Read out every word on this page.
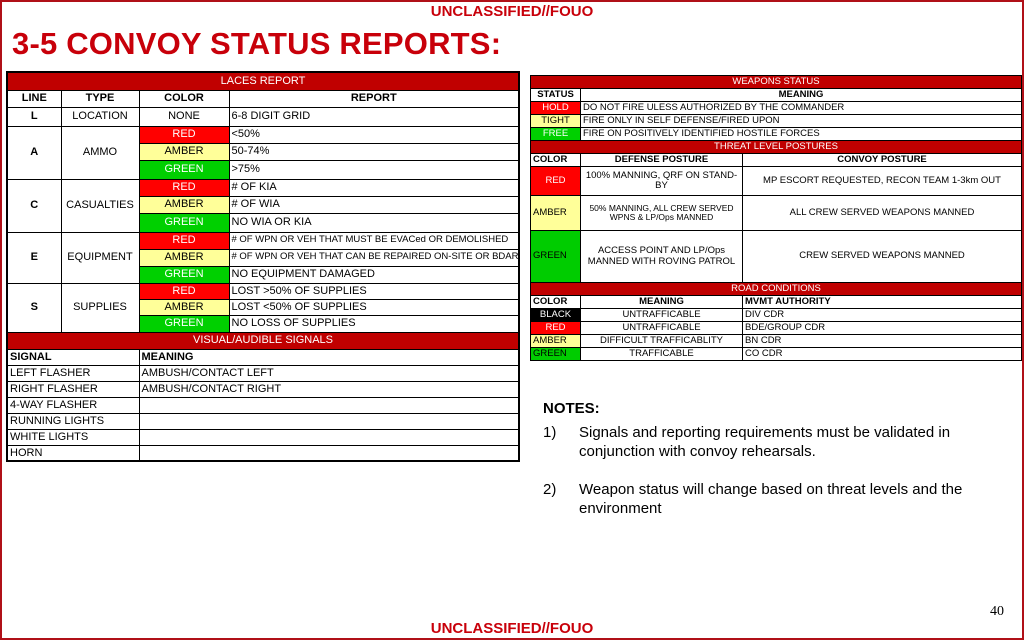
UNCLASSIFIED//FOUO
3-5 CONVOY STATUS REPORTS:
LACES REPORT			
LINE	TYPE	COLOR	REPORT
L	LOCATION	NONE	6-8 DIGIT GRID
A	AMMO	RED	<50%
		AMBER	50-74%
		GREEN	>75%
C	CASUALTIES	RED	# OF KIA
		AMBER	# OF WIA
		GREEN	NO WIA OR KIA
E	EQUIPMENT	RED	# OF WPN OR VEH THAT MUST BE EVACed OR DEMOLISHED
		AMBER	# OF WPN OR VEH THAT CAN BE REPAIRED ON-SITE OR BDAR
		GREEN	NO EQUIPMENT DAMAGED
S	SUPPLIES	RED	LOST >50% OF SUPPLIES
		AMBER	LOST <50% OF SUPPLIES
		GREEN	NO LOSS OF SUPPLIES
VISUAL/AUDIBLE SIGNALS			
SIGNAL		MEANING	
LEFT FLASHER		AMBUSH/CONTACT LEFT	
RIGHT FLASHER		AMBUSH/CONTACT RIGHT	
4-WAY FLASHER			
RUNNING LIGHTS			
WHITE LIGHTS			
HORN			
WEAPONS STATUS		
STATUS	MEANING	
HOLD	DO NOT FIRE ULESS AUTHORIZED BY THE COMMANDER	
TIGHT	FIRE ONLY IN SELF DEFENSE/FIRED UPON	
FREE	FIRE ON POSITIVELY IDENTIFIED HOSTILE FORCES	
THREAT LEVEL POSTURES		
COLOR	DEFENSE POSTURE	CONVOY POSTURE
RED	100% MANNING, QRF ON STAND-BY	MP ESCORT REQUESTED, RECON TEAM 1-3km OUT
AMBER	50% MANNING, ALL CREW SERVED WPNS & LP/Ops MANNED	ALL CREW SERVED WEAPONS MANNED
GREEN	ACCESS POINT AND LP/Ops MANNED WITH ROVING PATROL	CREW SERVED WEAPONS MANNED
ROAD CONDITIONS		
COLOR	MEANING	MVMT AUTHORITY
BLACK	UNTRAFFICABLE	DIV CDR
RED	UNTRAFFICABLE	BDE/GROUP CDR
AMBER	DIFFICULT TRAFFICABLITY	BN CDR
GREEN	TRAFFICABLE	CO CDR
NOTES:
1)	Signals and reporting requirements must be validated in conjunction with convoy rehearsals.
2)	Weapon status will change based on threat levels and the environment
40
UNCLASSIFIED//FOUO
